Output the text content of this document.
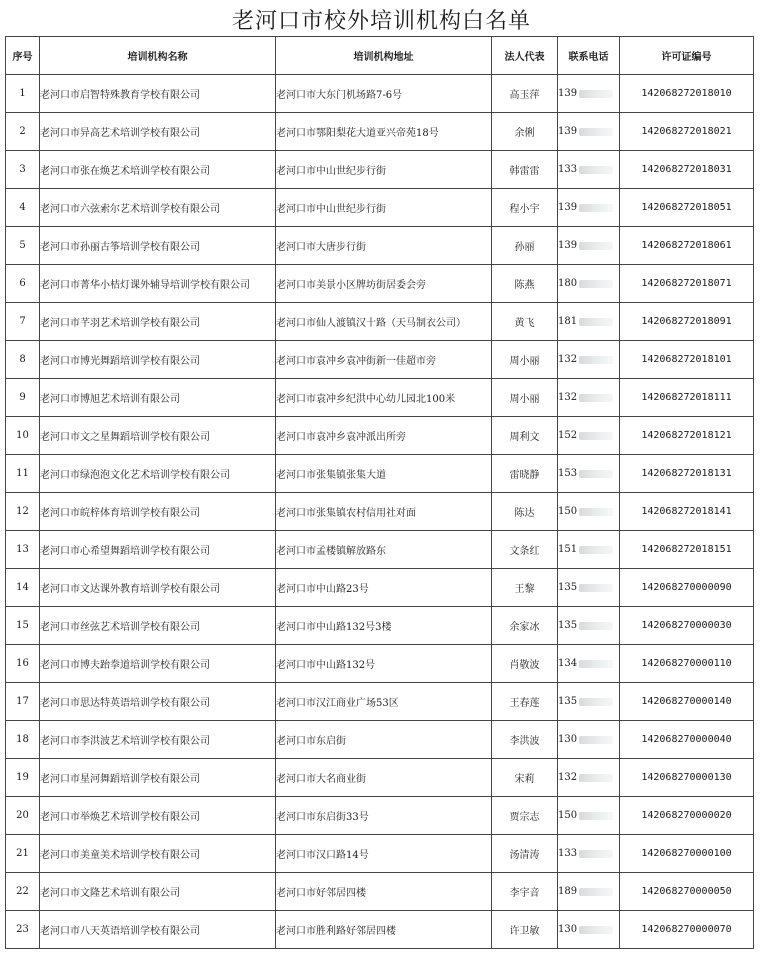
老河口市校外培训机构白名单
序号	培训机构名称	培训机构地址	法人代表	联系电话	许可证编号
1	老河口市启智特殊教育学校有限公司	老河口市大东门机场路7-6号	高玉萍	139	142068272018010
2	老河口市异高艺术培训学校有限公司	老河口市鄂阳梨花大道亚兴帝苑18号	余俐	139	142068272018021
3	老河口市张在焕艺术培训学校有限公司	老河口市中山世纪步行街	韩雷雷	133	142068272018031
4	老河口市六弦索尔艺术培训学校有限公司	老河口市中山世纪步行街	程小宇	139	142068272018051
5	老河口市孙丽古筝培训学校有限公司	老河口市大唐步行街	孙丽	139	142068272018061
6	老河口市菁华小桔灯课外辅导培训学校有限公司	老河口市美景小区牌坊街居委会旁	陈燕	180	142068272018071
7	老河口市芊羽艺术培训学校有限公司	老河口市仙人渡镇汉十路（天马制衣公司）	黄飞	181	142068272018091
8	老河口市博光舞蹈培训学校有限公司	老河口市袁冲乡袁冲街新一佳超市旁	周小丽	132	142068272018101
9	老河口市博旭艺术培训有限公司	老河口市袁冲乡纪洪中心幼儿园北100米	周小丽	132	142068272018111
10	老河口市文之星舞蹈培训学校有限公司	老河口市袁冲乡袁冲派出所旁	周利文	152	142068272018121
11	老河口市绿泡泡文化艺术培训学校有限公司	老河口市张集镇张集大道	雷晓静	153	142068272018131
12	老河口市皖梓体育培训学校有限公司	老河口市张集镇农村信用社对面	陈达	150	142068272018141
13	老河口市心希望舞蹈培训学校有限公司	老河口市孟楼镇解放路东	文条红	151	142068272018151
14	老河口市文达课外教育培训学校有限公司	老河口市中山路23号	王黎	135	142068270000090
15	老河口市丝弦艺术培训学校有限公司	老河口市中山路132号3楼	余家冰	135	142068270000030
16	老河口市博夫跆拳道培训学校有限公司	老河口市中山路132号	肖敬波	134	142068270000110
17	老河口市思达特英语培训学校有限公司	老河口市汉江商业广场53区	王春莲	135	142068270000140
18	老河口市李洪波艺术培训学校有限公司	老河口市东启街	李洪波	130	142068270000040
19	老河口市星河舞蹈培训学校有限公司	老河口市大名商业街	宋莉	132	142068270000130
20	老河口市举焕艺术培训学校有限公司	老河口市东启街33号	贾宗志	150	142068270000020
21	老河口市美童美术培训学校有限公司	老河口市汉口路14号	汤清涛	133	142068270000100
22	老河口市文隆艺术培训有限公司	老河口市好邻居四楼	李宇音	189	142068270000050
23	老河口市八天英语培训学校有限公司	老河口市胜利路好邻居四楼	许卫敏	130	142068270000070
